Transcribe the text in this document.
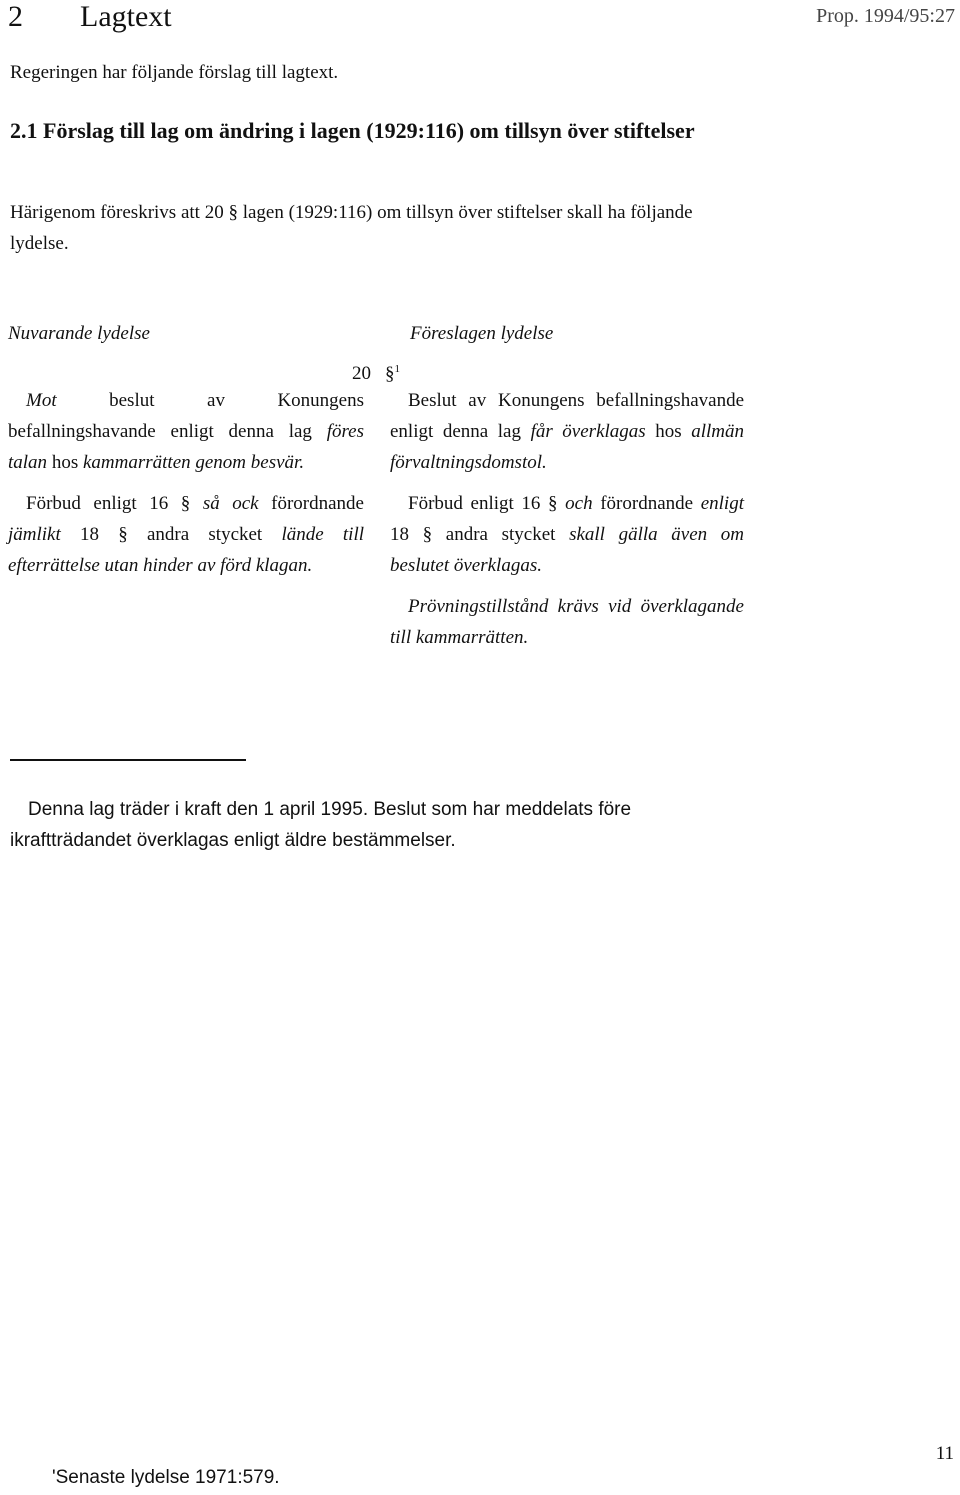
2 Lagtext	Prop. 1994/95:27
Regeringen har följande förslag till lagtext.
2.1 Förslag till lag om ändring i lagen (1929:116) om tillsyn över stiftelser
Härigenom föreskrivs att 20 § lagen (1929:116) om tillsyn över stiftelser skall ha följande lydelse.
Nuvarande lydelse	Föreslagen lydelse
20 §$^1$

Mot beslut av Konungens befallningshavande enligt denna lag föres talan hos kammarrätten genom besvär.

Förbud enligt 16 § så ock förordnande jämlikt 18 § andra stycket lände till efterrättelse utan hinder av förd klagan.

Beslut av Konungens befallningshavande enligt denna lag får överklagas hos allmän förvaltningsdomstol.

Förbud enligt 16 § och förordnande enligt 18 § andra stycket skall gälla även om beslutet överklagas.

Prövningstillstånd krävs vid överklagande till kammarrätten.

Denna lag träder i kraft den 1 april 1995. Beslut som har meddelats före ikraftträdandet överklagas enligt äldre bestämmelser.
'Senaste lydelse 1971:579.
11
